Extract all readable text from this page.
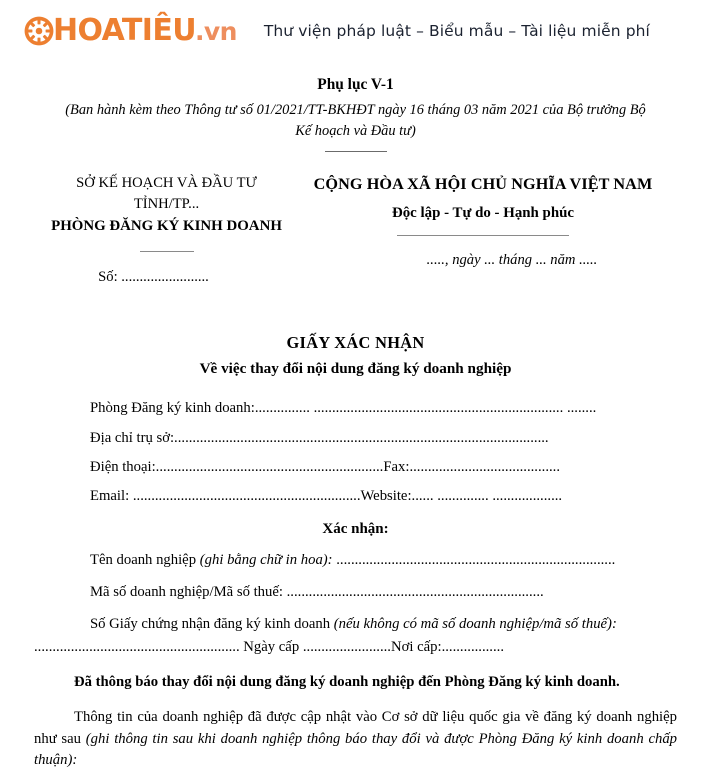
HOATIÊU .vn	Thư viện pháp luật – Biểu mẫu – Tài liệu miễn phí
Phụ lục V-1
(Ban hành kèm theo Thông tư số 01/2021/TT-BKHĐT ngày 16 tháng 03 năm 2021 của Bộ trưởng Bộ Kế hoạch và Đầu tư)
SỞ KẾ HOẠCH VÀ ĐẦU TƯ TỈNH/TP...
PHÒNG ĐĂNG KÝ KINH DOANH
Số: ........................
CỘNG HÒA XÃ HỘI CHỦ NGHĨA VIỆT NAM
Độc lập - Tự do - Hạnh phúc
....., ngày ... tháng ... năm .....
GIẤY XÁC NHẬN
Về việc thay đổi nội dung đăng ký doanh nghiệp
Phòng Đăng ký kinh doanh:............... .................................................................... ........
Địa chỉ trụ sở:......................................................................................................
Điện thoại:..............................................................Fax:.........................................
Email: ..............................................................Website:...... .............. ...................
Xác nhận:
Tên doanh nghiệp (ghi bằng chữ in hoa): ............................................................................
Mã số doanh nghiệp/Mã số thuế: ......................................................................
Số Giấy chứng nhận đăng ký kinh doanh (nếu không có mã số doanh nghiệp/mã số thuế):
........................................................ Ngày cấp ........................Nơi cấp:.................
Đã thông báo thay đổi nội dung đăng ký doanh nghiệp đến Phòng Đăng ký kinh doanh.
Thông tin của doanh nghiệp đã được cập nhật vào Cơ sở dữ liệu quốc gia về đăng ký doanh nghiệp như sau (ghi thông tin sau khi doanh nghiệp thông báo thay đổi và được Phòng Đăng ký kinh doanh chấp thuận):
